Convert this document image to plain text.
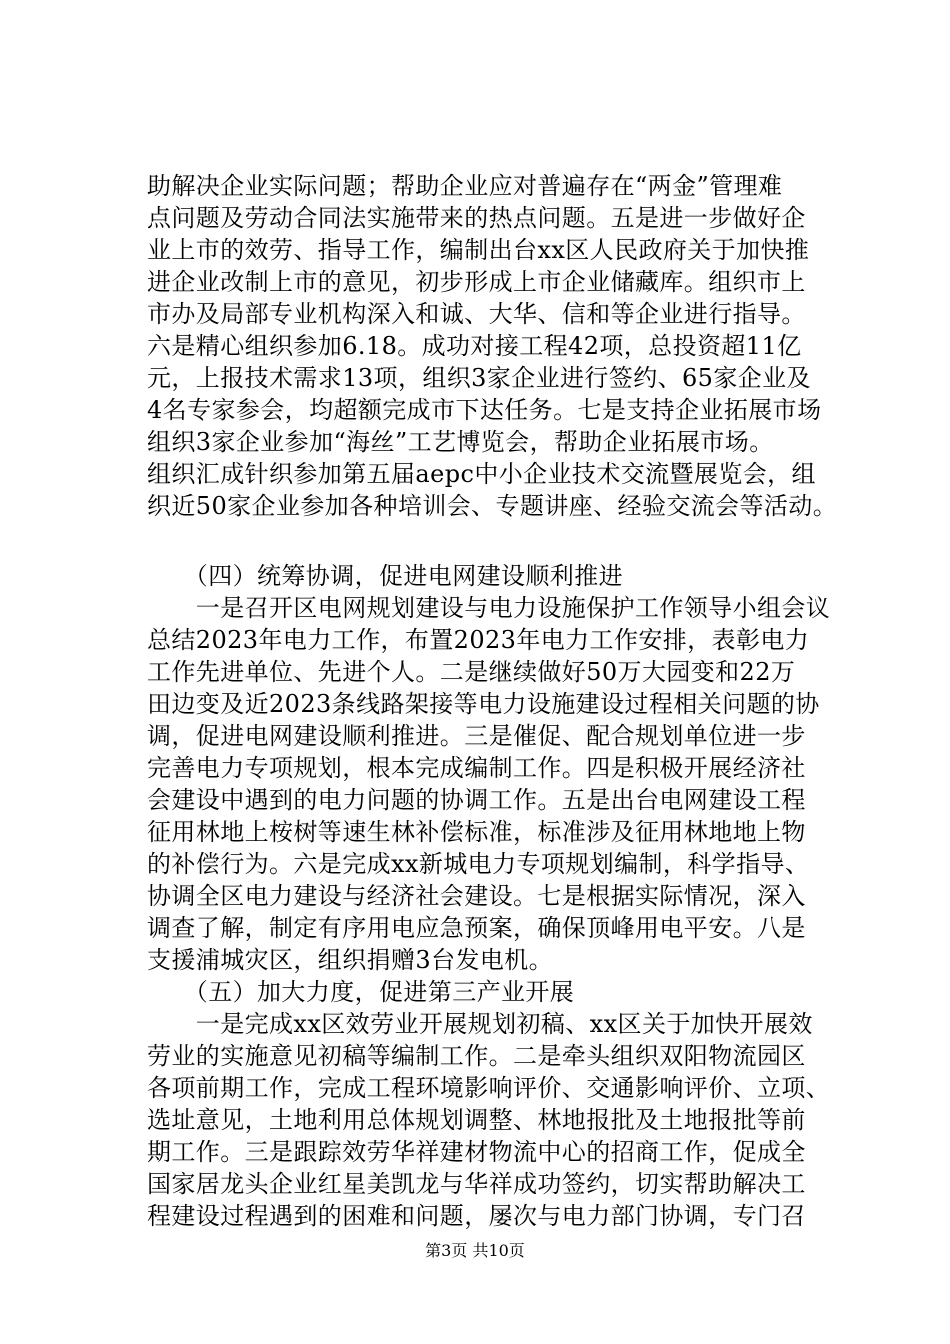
助解决企业实际问题；帮助企业应对普遍存在“两金”管理难
点问题及劳动合同法实施带来的热点问题。五是进一步做好企
业上市的效劳、指导工作，编制出台xx区人民政府关于加快推
进企业改制上市的意见，初步形成上市企业储藏库。组织市上
市办及局部专业机构深入和诚、大华、信和等企业进行指导。
六是精心组织参加6.18。成功对接工程42项，总投资超11亿
元，上报技术需求13项，组织3家企业进行签约、65家企业及
4名专家参会，均超额完成市下达任务。七是支持企业拓展市场
组织3家企业参加“海丝”工艺博览会，帮助企业拓展市场。
组织汇成针织参加第五届aepc中小企业技术交流暨展览会，组
织近50家企业参加各种培训会、专题讲座、经验交流会等活动。
　　（四）统筹协调，促进电网建设顺利推进
　　一是召开区电网规划建设与电力设施保护工作领导小组会议
总结2023年电力工作，布置2023年电力工作安排，表彰电力
工作先进单位、先进个人。二是继续做好50万大园变和22万
田边变及近2023条线路架接等电力设施建设过程相关问题的协
调，促进电网建设顺利推进。三是催促、配合规划单位进一步
完善电力专项规划，根本完成编制工作。四是积极开展经济社
会建设中遇到的电力问题的协调工作。五是出台电网建设工程
征用林地上桉树等速生林补偿标准，标准涉及征用林地地上物
的补偿行为。六是完成xx新城电力专项规划编制，科学指导、
协调全区电力建设与经济社会建设。七是根据实际情况，深入
调查了解，制定有序用电应急预案，确保顶峰用电平安。八是
支援浦城灾区，组织捐赠3台发电机。
　　（五）加大力度，促进第三产业开展
　　一是完成xx区效劳业开展规划初稿、xx区关于加快开展效
劳业的实施意见初稿等编制工作。二是牵头组织双阳物流园区
各项前期工作，完成工程环境影响评价、交通影响评价、立项、
选址意见，土地利用总体规划调整、林地报批及土地报批等前
期工作。三是跟踪效劳华祥建材物流中心的招商工作，促成全
国家居龙头企业红星美凯龙与华祥成功签约，切实帮助解决工
程建设过程遇到的困难和问题，屡次与电力部门协调，专门召
第3页 共10页
